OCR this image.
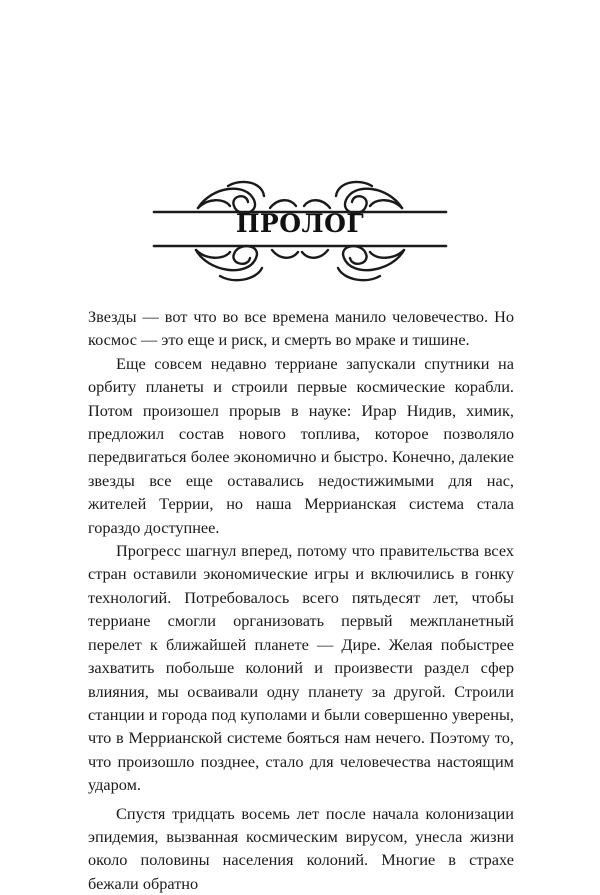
ПРОЛОГ

Звезды — вот что во все времена манило человечество. Но космос — это еще и риск, и смерть во мраке и тишине.

Еще совсем недавно терриане запускали спутники на орбиту планеты и строили первые космические корабли. Потом произошел прорыв в науке: Ирар Нидив, химик, предложил состав нового топлива, которое позволяло передвигаться более экономично и быстро. Конечно, далекие звезды все еще оставались недостижимыми для нас, жителей Террии, но наша Меррианская система стала гораздо доступнее.

Прогресс шагнул вперед, потому что правительства всех стран оставили экономические игры и включились в гонку технологий. Потребовалось всего пятьдесят лет, чтобы терриане смогли организовать первый межпланетный перелет к ближайшей планете — Дире. Желая побыстрее захватить побольше колоний и произвести раздел сфер влияния, мы осваивали одну планету за другой. Строили станции и города под куполами и были совершенно уверены, что в Меррианской системе бояться нам нечего. Поэтому то, что произошло позднее, стало для человечества настоящим ударом.

Спустя тридцать восемь лет после начала колонизации эпидемия, вызванная космическим вирусом, унесла жизни около половины населения колоний. Многие в страхе бежали обратно
